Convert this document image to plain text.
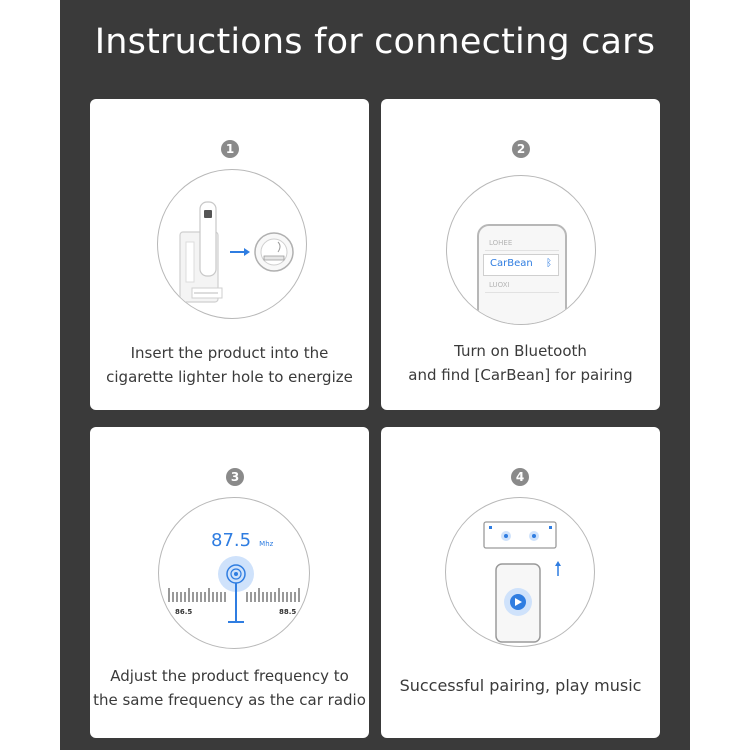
Instructions for connecting cars
1
Insert the product into the
cigarette lighter hole to energize
2
LOHEE
CarBean ᛒ
LUOXI
Turn on Bluetooth
and find [CarBean] for pairing
3
87.5 Mhz
86.5	88.5
Adjust the product frequency to
the same frequency as the car radio
4
Successful pairing, play music
